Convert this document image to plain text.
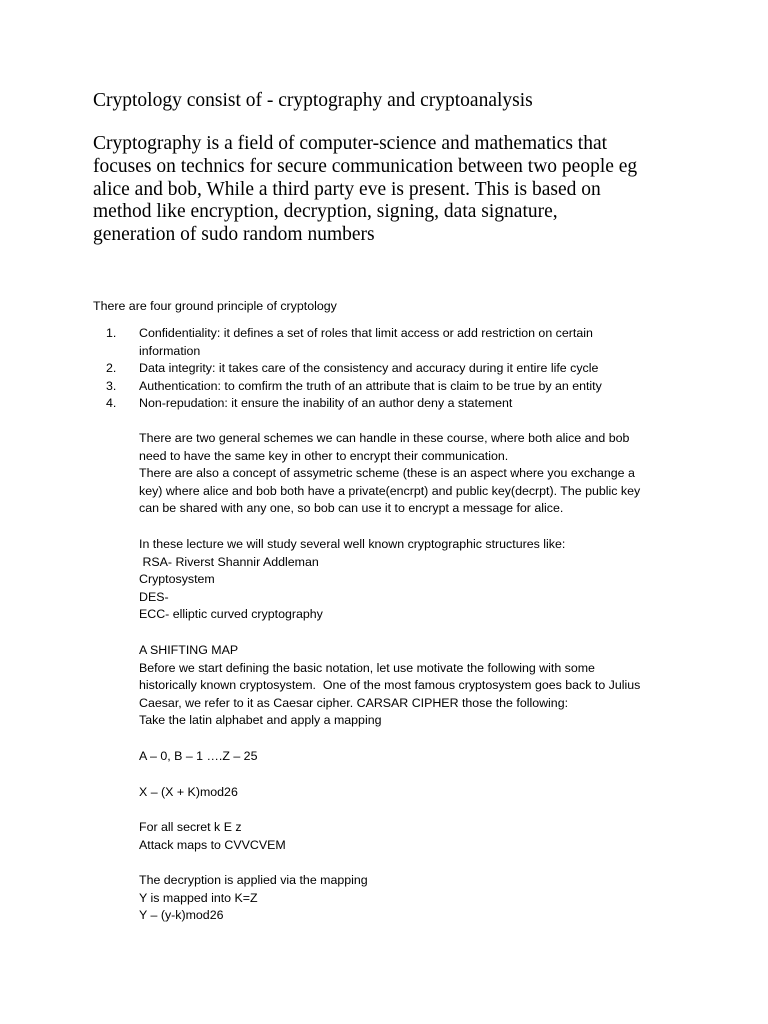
Cryptology consist of - cryptography and cryptoanalysis

Cryptography is a field of computer-science and mathematics that
focuses on technics for secure communication between two people eg
alice and bob, While a third party eve is present. This is based on
method like encryption, decryption, signing, data signature,
generation of sudo random numbers

There are four ground principle of cryptology

1.	Confidentiality: it defines a set of roles that limit access or add restriction on certain
information
2.	Data integrity: it takes care of the consistency and accuracy during it entire life cycle
3.	Authentication: to comfirm the truth of an attribute that is claim to be true by an entity
4.	Non-repudation: it ensure the inability of an author deny a statement
There are two general schemes we can handle in these course, where both alice and bob
need to have the same key in other to encrypt their communication.
There are also a concept of assymetric scheme (these is an aspect where you exchange a
key) where alice and bob both have a private(encrpt) and public key(decrpt). The public key
can be shared with any one, so bob can use it to encrypt a message for alice.
In these lecture we will study several well known cryptographic structures like:
RSA- Riverst Shannir Addleman
Cryptosystem
DES-
ECC- elliptic curved cryptography
A SHIFTING MAP
Before we start defining the basic notation, let use motivate the following with some
historically known cryptosystem.  One of the most famous cryptosystem goes back to Julius
Caesar, we refer to it as Caesar cipher. CARSAR CIPHER those the following:
Take the latin alphabet and apply a mapping
A – 0, B – 1 ….Z – 25
X – (X + K)mod26
For all secret k E z
Attack maps to CVVCVEM
The decryption is applied via the mapping
Y is mapped into K=Z
Y – (y-k)mod26
